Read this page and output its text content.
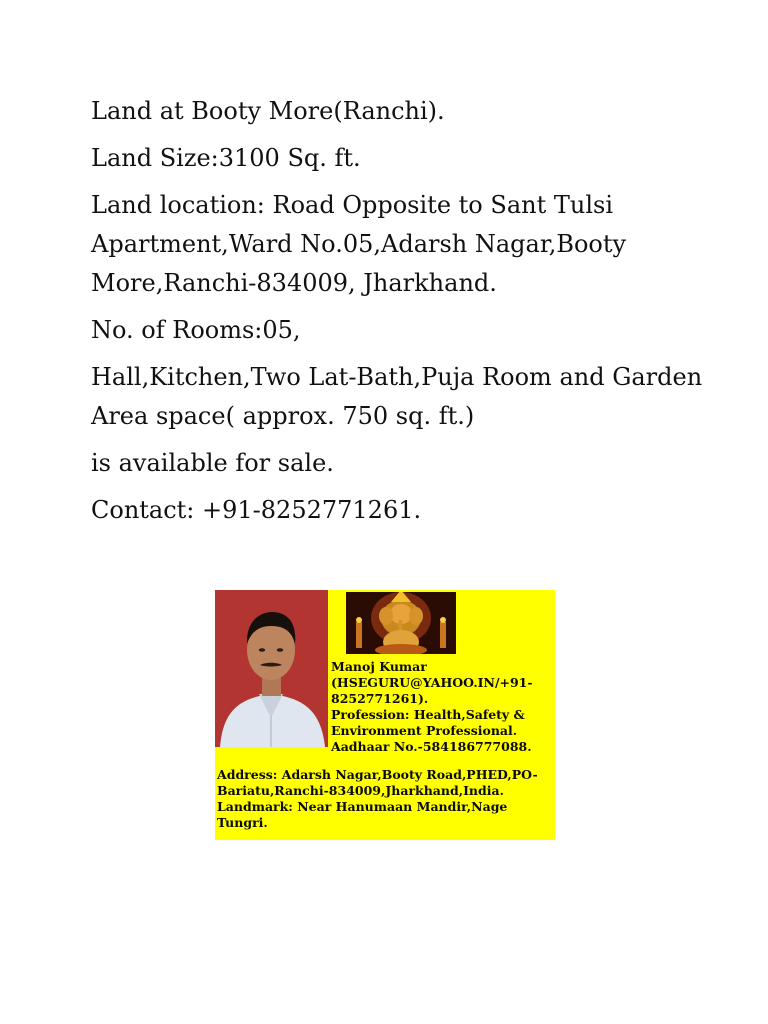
Land at Booty More(Ranchi).

Land Size:3100 Sq. ft.

Land location: Road Opposite to Sant Tulsi Apartment,Ward No.05,Adarsh Nagar,Booty More,Ranchi-834009, Jharkhand.

No. of Rooms:05,

Hall,Kitchen,Two Lat-Bath,Puja Room and Garden Area space( approx. 750 sq. ft.)

is available for sale.

Contact: +91-8252771261.

Manoj Kumar
(HSEGURU@YAHOO.IN/+91-8252771261).
Profession: Health,Safety & Environment Professional.
Aadhaar No.-584186777088.
Address: Adarsh Nagar,Booty Road,PHED,PO-Bariatu,Ranchi-834009,Jharkhand,India. Landmark: Near Hanumaan Mandir,Nage Tungri.
